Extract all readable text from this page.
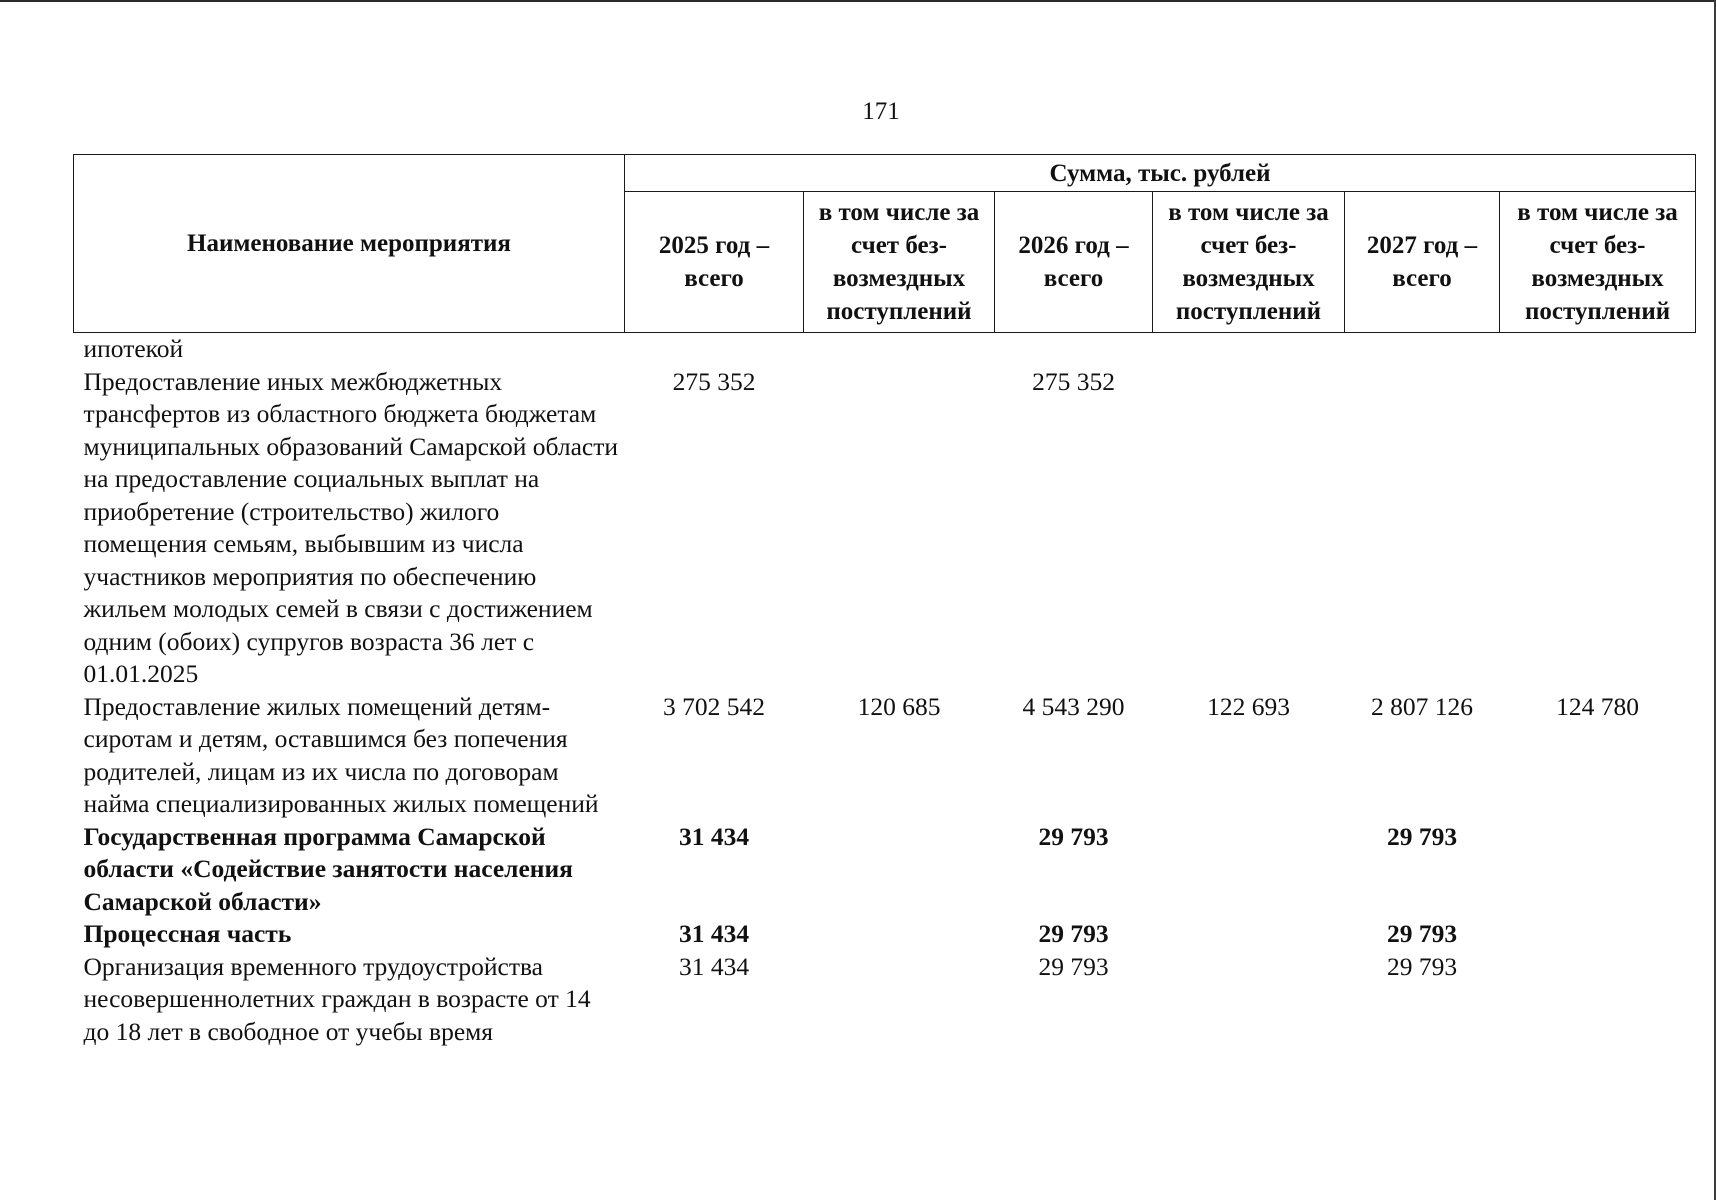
171
Наименование мероприятия	Сумма, тыс. рублей					
	2025 год – всего	в том числе за счет без-возмездных поступлений	2026 год – всего	в том числе за счет без-возмездных поступлений	2027 год – всего	в том числе за счет без-возмездных поступлений
ипотекой						
Предоставление иных межбюджетных трансфертов из областного бюджета бюджетам муниципальных образований Самарской области на предоставление социальных выплат на приобретение (строительство) жилого помещения семьям, выбывшим из числа участников мероприятия по обеспечению жильем молодых семей в связи с достижением одним (обоих) супругов возраста 36 лет с 01.01.2025	275 352		275 352			
Предоставление жилых помещений детям-сиротам и детям, оставшимся без попечения родителей, лицам из их числа по договорам найма специализированных жилых помещений	3 702 542	120 685	4 543 290	122 693	2 807 126	124 780
Государственная программа Самарской области «Содействие занятости населения Самарской области»	31 434		29 793		29 793	
Процессная часть	31 434		29 793		29 793	
Организация временного трудоустройства несовершеннолетних граждан в возрасте от 14 до 18 лет в свободное от учебы время	31 434		29 793		29 793	
